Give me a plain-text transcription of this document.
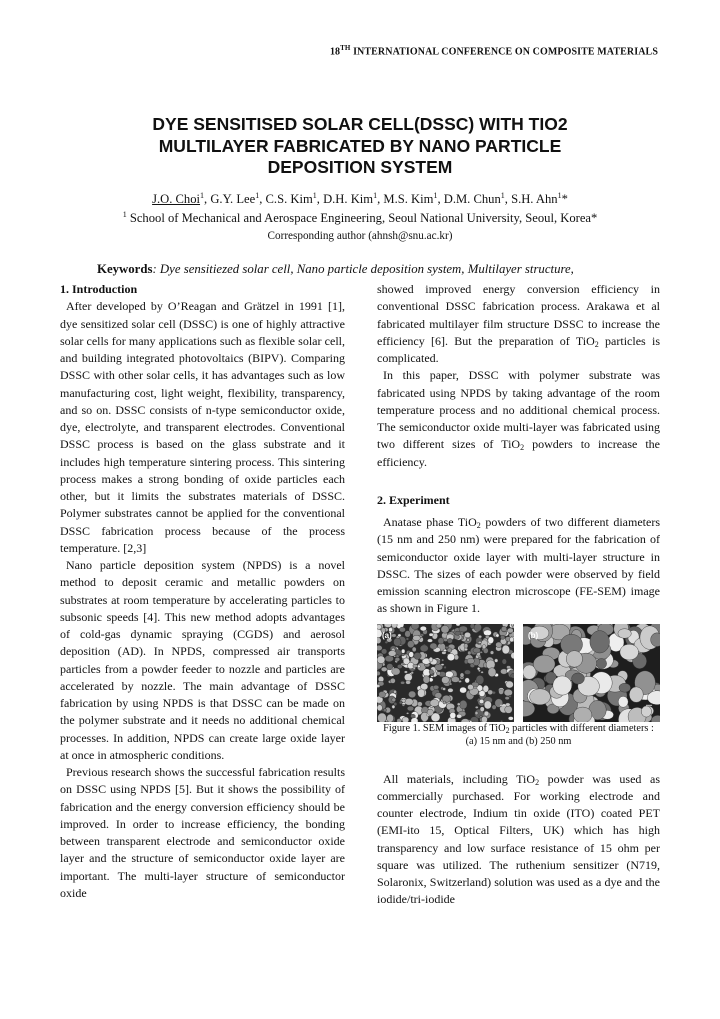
18TH INTERNATIONAL CONFERENCE ON COMPOSITE MATERIALS
DYE SENSITISED SOLAR CELL(DSSC) WITH TIO2
MULTILAYER FABRICATED BY NANO PARTICLE
DEPOSITION SYSTEM
J.O. Choi$^1$, G.Y. Lee$^1$, C.S. Kim$^1$, D.H. Kim$^1$, M.S. Kim$^1$, D.M. Chun$^1$, S.H. Ahn$^1$*
$^1$ School of Mechanical and Aerospace Engineering, Seoul National University, Seoul, Korea*
Corresponding author (ahnsh@snu.ac.kr)
Keywords: Dye sensitiezed solar cell, Nano particle deposition system, Multilayer structure,

1. Introduction

After developed by O’Reagan and Grätzel in 1991 [1], dye sensitized solar cell (DSSC) is one of highly attractive solar cells for many applications such as flexible solar cell, and building integrated photovoltaics (BIPV). Comparing DSSC with other solar cells, it has advantages such as low manufacturing cost, light weight, flexibility, transparency, and so on. DSSC consists of n-type semiconductor oxide, dye, electrolyte, and transparent electrodes. Conventional DSSC process is based on the glass substrate and it includes high temperature sintering process. This sintering process makes a strong bonding of oxide particles each other, but it limits the substrates materials of DSSC. Polymer substrates cannot be applied for the conventional DSSC fabrication process because of the process temperature. [2,3]

Nano particle deposition system (NPDS) is a novel method to deposit ceramic and metallic powders on substrates at room temperature by accelerating particles to subsonic speeds [4]. This new method adopts advantages of cold-gas dynamic spraying (CGDS) and aerosol deposition (AD). In NPDS, compressed air transports particles from a powder feeder to nozzle and particles are accelerated by nozzle. The main advantage of DSSC fabrication by using NPDS is that DSSC can be made on the polymer substrate and it needs no additional chemical processes. In addition, NPDS can create large oxide layer at once in atmospheric conditions.

Previous research shows the successful fabrication results on DSSC using NPDS [5]. But it shows the possibility of fabrication and the energy conversion efficiency should be improved. In order to increase efficiency, the bonding between transparent electrode and semiconductor oxide layer and the structure of semiconductor oxide layer are important. The multi-layer structure of semiconductor oxide

showed improved energy conversion efficiency in conventional DSSC fabrication process. Arakawa et al fabricated multilayer film structure DSSC to increase the efficiency [6]. But the preparation of TiO$_2$ particles is complicated.

In this paper, DSSC with polymer substrate was fabricated using NPDS by taking advantage of the room temperature process and no additional chemical process. The semiconductor oxide multi-layer was fabricated using two different sizes of TiO$_2$ powders to increase the efficiency.

2. Experiment

Anatase phase TiO$_2$ powders of two different diameters (15 nm and 250 nm) were prepared for the fabrication of semiconductor oxide layer with multi-layer structure in DSSC. The sizes of each powder were observed by field emission scanning electron microscope (FE-SEM) image as shown in Figure 1.

(a)
━━
(b)
━━

Figure 1. SEM images of TiO$_2$ particles with different diameters : (a) 15 nm and (b) 250 nm

All materials, including TiO$_2$ powder was used as commercially purchased. For working electrode and counter electrode, Indium tin oxide (ITO) coated PET (EMI-ito 15, Optical Filters, UK) which has high transparency and low surface resistance of 15 ohm per square was utilized. The ruthenium sensitizer (N719, Solaronix, Switzerland) solution was used as a dye and the iodide/tri-iodide
